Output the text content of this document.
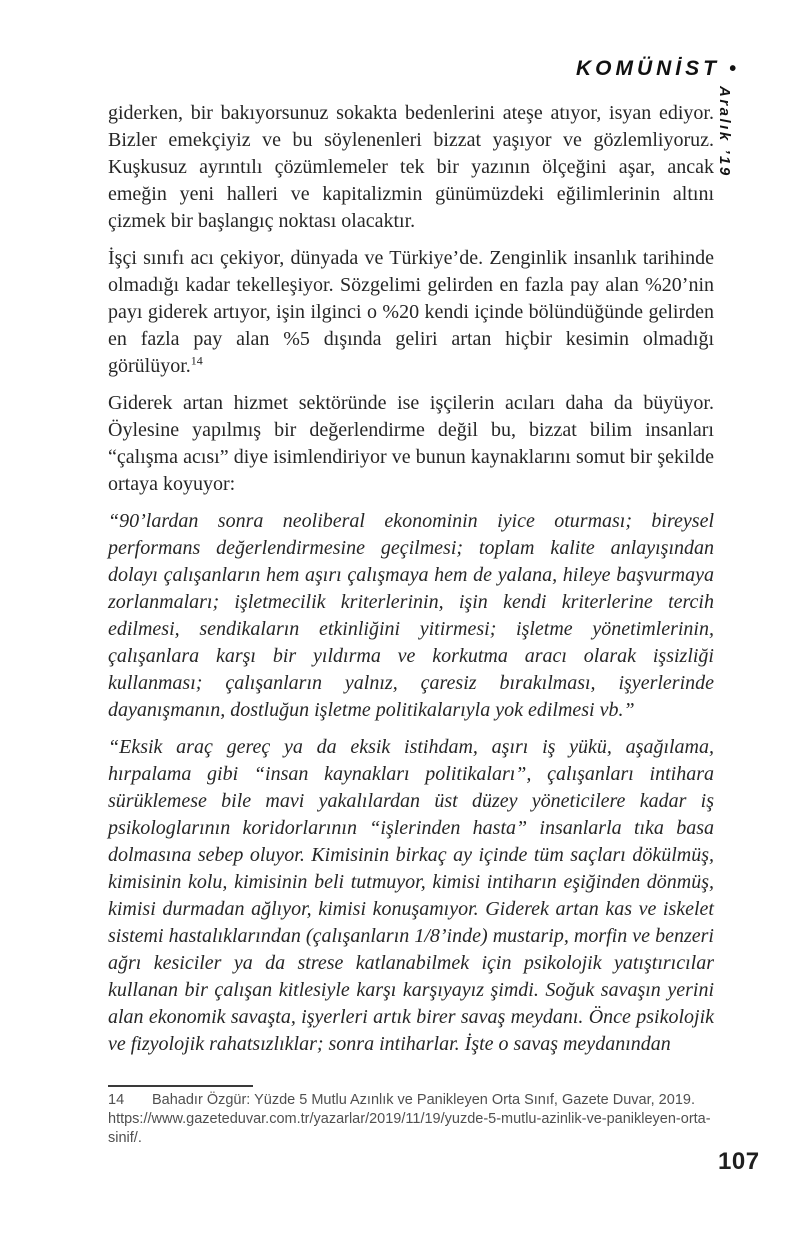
KOMÜNİST •
Aralık ’19

giderken, bir bakıyorsunuz sokakta bedenlerini ateşe atıyor, isyan ediyor. Bizler emekçiyiz ve bu söylenenleri bizzat yaşıyor ve gözlemliyoruz. Kuşkusuz ayrıntılı çözümlemeler tek bir yazının ölçeğini aşar, ancak emeğin yeni halleri ve kapitalizmin günümüzdeki eğilimlerinin altını çizmek bir başlangıç noktası olacaktır.

İşçi sınıfı acı çekiyor, dünyada ve Türkiye’de. Zenginlik insanlık tarihinde olmadığı kadar tekelleşiyor. Sözgelimi gelirden en fazla pay alan %20’nin payı giderek artıyor, işin ilginci o %20 kendi içinde bölündüğünde gelirden en fazla pay alan %5 dışında geliri artan hiçbir kesimin olmadığı görülüyor.$^{14}$

Giderek artan hizmet sektöründe ise işçilerin acıları daha da büyüyor. Öylesine yapılmış bir değerlendirme değil bu, bizzat bilim insanları “çalışma acısı” diye isimlendiriyor ve bunun kaynaklarını somut bir şekilde ortaya koyuyor:

“90’lardan sonra neoliberal ekonominin iyice oturması; bireysel performans değerlendirmesine geçilmesi; toplam kalite anlayışından dolayı çalışanların hem aşırı çalışmaya hem de yalana, hileye başvurmaya zorlanmaları; işletmecilik kriterlerinin, işin kendi kriterlerine tercih edilmesi, sendikaların etkinliğini yitirmesi; işletme yönetimlerinin, çalışanlara karşı bir yıldırma ve korkutma aracı olarak işsizliği kullanması; çalışanların yalnız, çaresiz bırakılması, işyerlerinde dayanışmanın, dostluğun işletme politikalarıyla yok edilmesi vb.”

“Eksik araç gereç ya da eksik istihdam, aşırı iş yükü, aşağılama, hırpalama gibi “insan kaynakları politikaları”, çalışanları intihara sürüklemese bile mavi yakalılardan üst düzey yöneticilere kadar iş psikologlarının koridorlarının “işlerinden hasta” insanlarla tıka basa dolmasına sebep oluyor. Kimisinin birkaç ay içinde tüm saçları dökülmüş, kimisinin kolu, kimisinin beli tutmuyor, kimisi intiharın eşiğinden dönmüş, kimisi durmadan ağlıyor, kimisi konuşamıyor. Giderek artan kas ve iskelet sistemi hastalıklarından (çalışanların 1/8’inde) mustarip, morfin ve benzeri ağrı kesiciler ya da strese katlanabilmek için psikolojik yatıştırıcılar kullanan bir çalışan kitlesiyle karşı karşıyayız şimdi. Soğuk savaşın yerini alan ekonomik savaşta, işyerleri artık birer savaş meydanı. Önce psikolojik ve fizyolojik rahatsızlıklar; sonra intiharlar. İşte o savaş meydanından

14 Bahadır Özgür: Yüzde 5 Mutlu Azınlık ve Panikleyen Orta Sınıf, Gazete Duvar, 2019. https://www.gazeteduvar.com.tr/yazarlar/2019/11/19/yuzde-5-mutlu-azinlik-ve-panikleyen-orta-sinif/.
107
